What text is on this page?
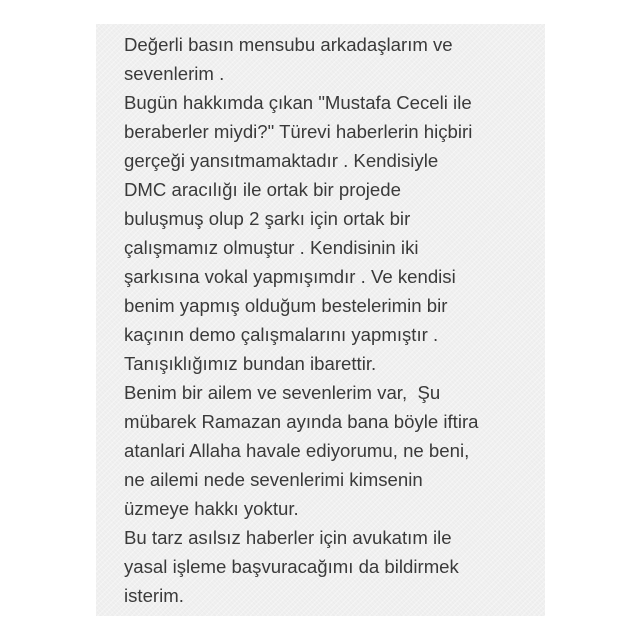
Değerli basın mensubu arkadaşlarım ve
sevenlerim .
Bugün hakkımda çıkan "Mustafa Ceceli ile
beraberler miydi?" Türevi haberlerin hiçbiri
gerçeği yansıtmamaktadır . Kendisiyle
DMC aracılığı ile ortak bir projede
buluşmuş olup 2 şarkı için ortak bir
çalışmamız olmuştur . Kendisinin iki
şarkısına vokal yapmışımdır . Ve kendisi
benim yapmış olduğum bestelerimin bir
kaçının demo çalışmalarını yapmıştır .
Tanışıklığımız bundan ibarettir.
Benim bir ailem ve sevenlerim var,  Şu
mübarek Ramazan ayında bana böyle iftira
atanlari Allaha havale ediyorumu, ne beni,
ne ailemi nede sevenlerimi kimsenin
üzmeye hakkı yoktur.
Bu tarz asılsız haberler için avukatım ile
yasal işleme başvuracağımı da bildirmek
isterim.
